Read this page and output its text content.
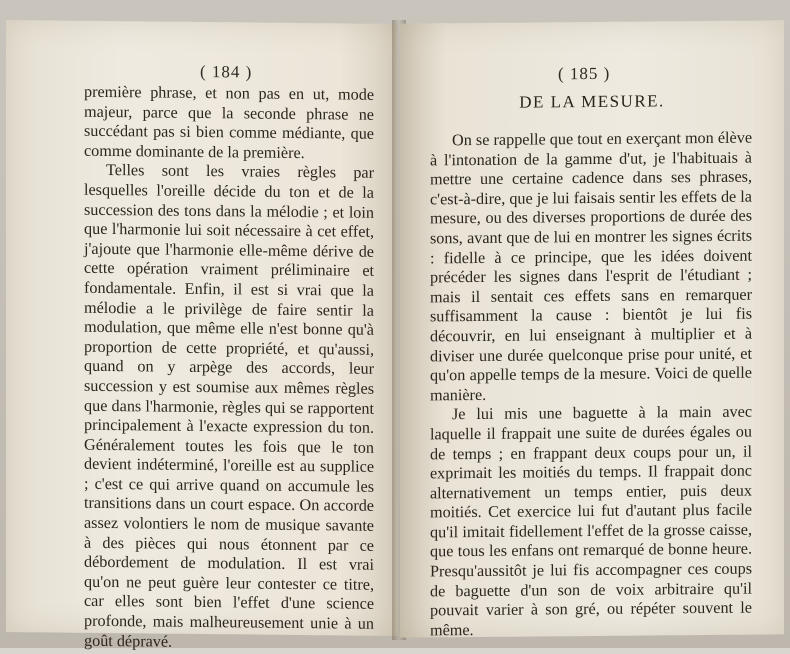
( 184 )

première phrase, et non pas en ut, mode majeur, parce que la seconde phrase ne succédant pas si bien comme médiante, que comme dominante de la première.

Telles sont les vraies règles par lesquelles l'oreille décide du ton et de la succession des tons dans la mélodie ; et loin que l'harmonie lui soit nécessaire à cet effet, j'ajoute que l'harmonie elle-même dérive de cette opération vraiment préliminaire et fondamentale. Enfin, il est si vrai que la mélodie a le privilège de faire sentir la modulation, que même elle n'est bonne qu'à proportion de cette propriété, et qu'aussi, quand on y arpège des accords, leur succession y est soumise aux mêmes règles que dans l'harmonie, règles qui se rapportent principalement à l'exacte expression du ton. Généralement toutes les fois que le ton devient indéterminé, l'oreille est au supplice ; c'est ce qui arrive quand on accumule les transitions dans un court espace. On accorde assez volontiers le nom de musique savante à des pièces qui nous étonnent par ce débordement de modulation. Il est vrai qu'on ne peut guère leur contester ce titre, car elles sont bien l'effet d'une science profonde, mais malheureusement unie à un goût dépravé.

( 185 )
DE LA MESURE.

On se rappelle que tout en exerçant mon élève à l'intonation de la gamme d'ut, je l'habituais à mettre une certaine cadence dans ses phrases, c'est-à-dire, que je lui faisais sentir les effets de la mesure, ou des diverses proportions de durée des sons, avant que de lui en montrer les signes écrits : fidelle à ce principe, que les idées doivent précéder les signes dans l'esprit de l'étudiant ; mais il sentait ces effets sans en remarquer suffisamment la cause : bientôt je lui fis découvrir, en lui enseignant à multiplier et à diviser une durée quelconque prise pour unité, et qu'on appelle temps de la mesure. Voici de quelle manière.

Je lui mis une baguette à la main avec laquelle il frappait une suite de durées égales ou de temps ; en frappant deux coups pour un, il exprimait les moitiés du temps. Il frappait donc alternativement un temps entier, puis deux moitiés. Cet exercice lui fut d'autant plus facile qu'il imitait fidellement l'effet de la grosse caisse, que tous les enfans ont remarqué de bonne heure. Presqu'aussitôt je lui fis accompagner ces coups de baguette d'un son de voix arbitraire qu'il pouvait varier à son gré, ou répéter souvent le même.
